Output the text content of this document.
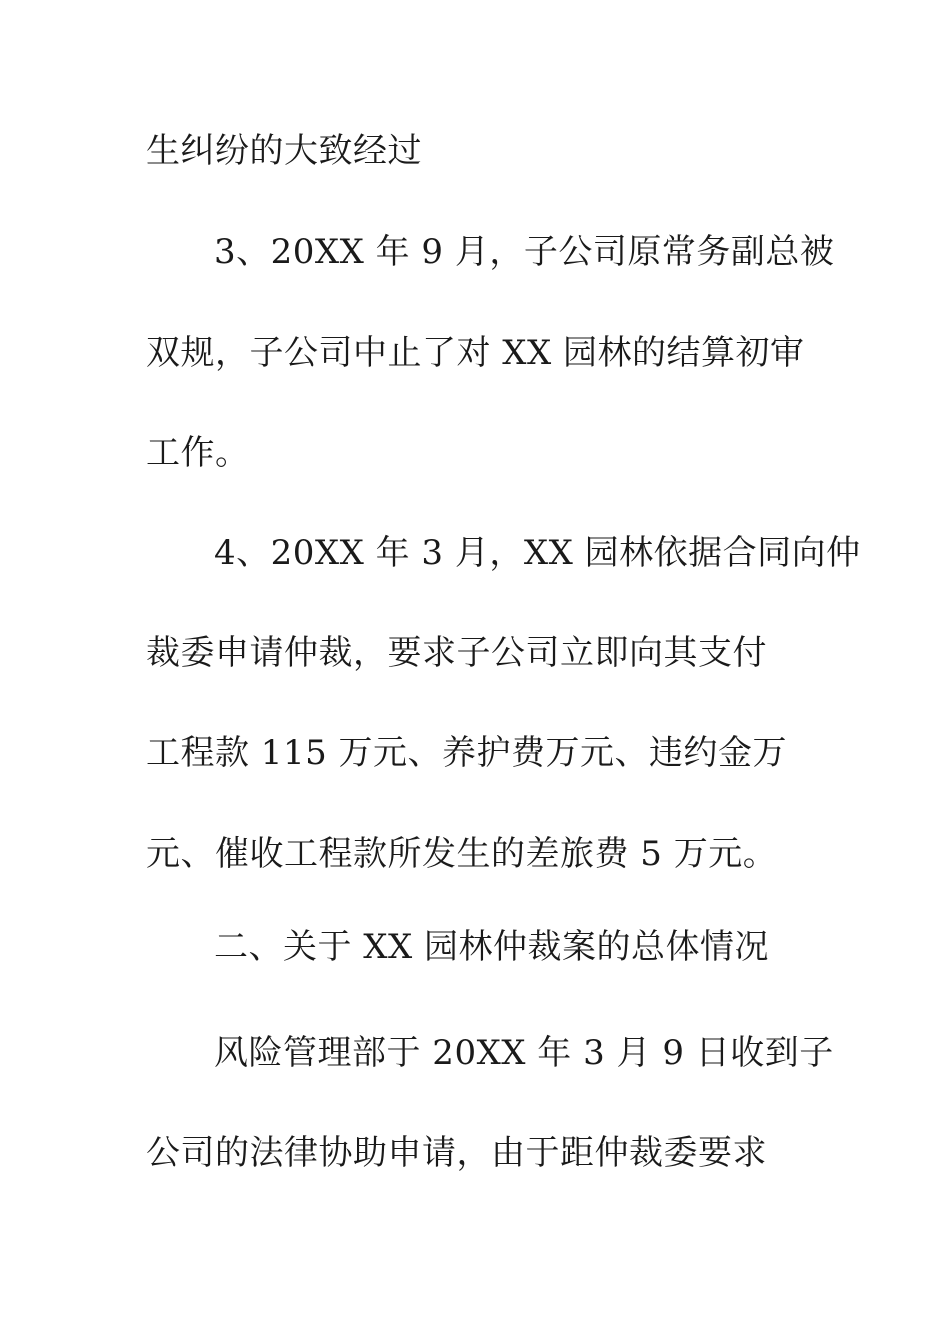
生纠纷的大致经过
3、20XX 年 9 月，子公司原常务副总被
双规，子公司中止了对 XX 园林的结算初审
工作。
4、20XX 年 3 月，XX 园林依据合同向仲
裁委申请仲裁，要求子公司立即向其支付
工程款 115 万元、养护费万元、违约金万
元、催收工程款所发生的差旅费 5 万元。
二、关于 XX 园林仲裁案的总体情况
风险管理部于 20XX 年 3 月 9 日收到子
公司的法律协助申请，由于距仲裁委要求
